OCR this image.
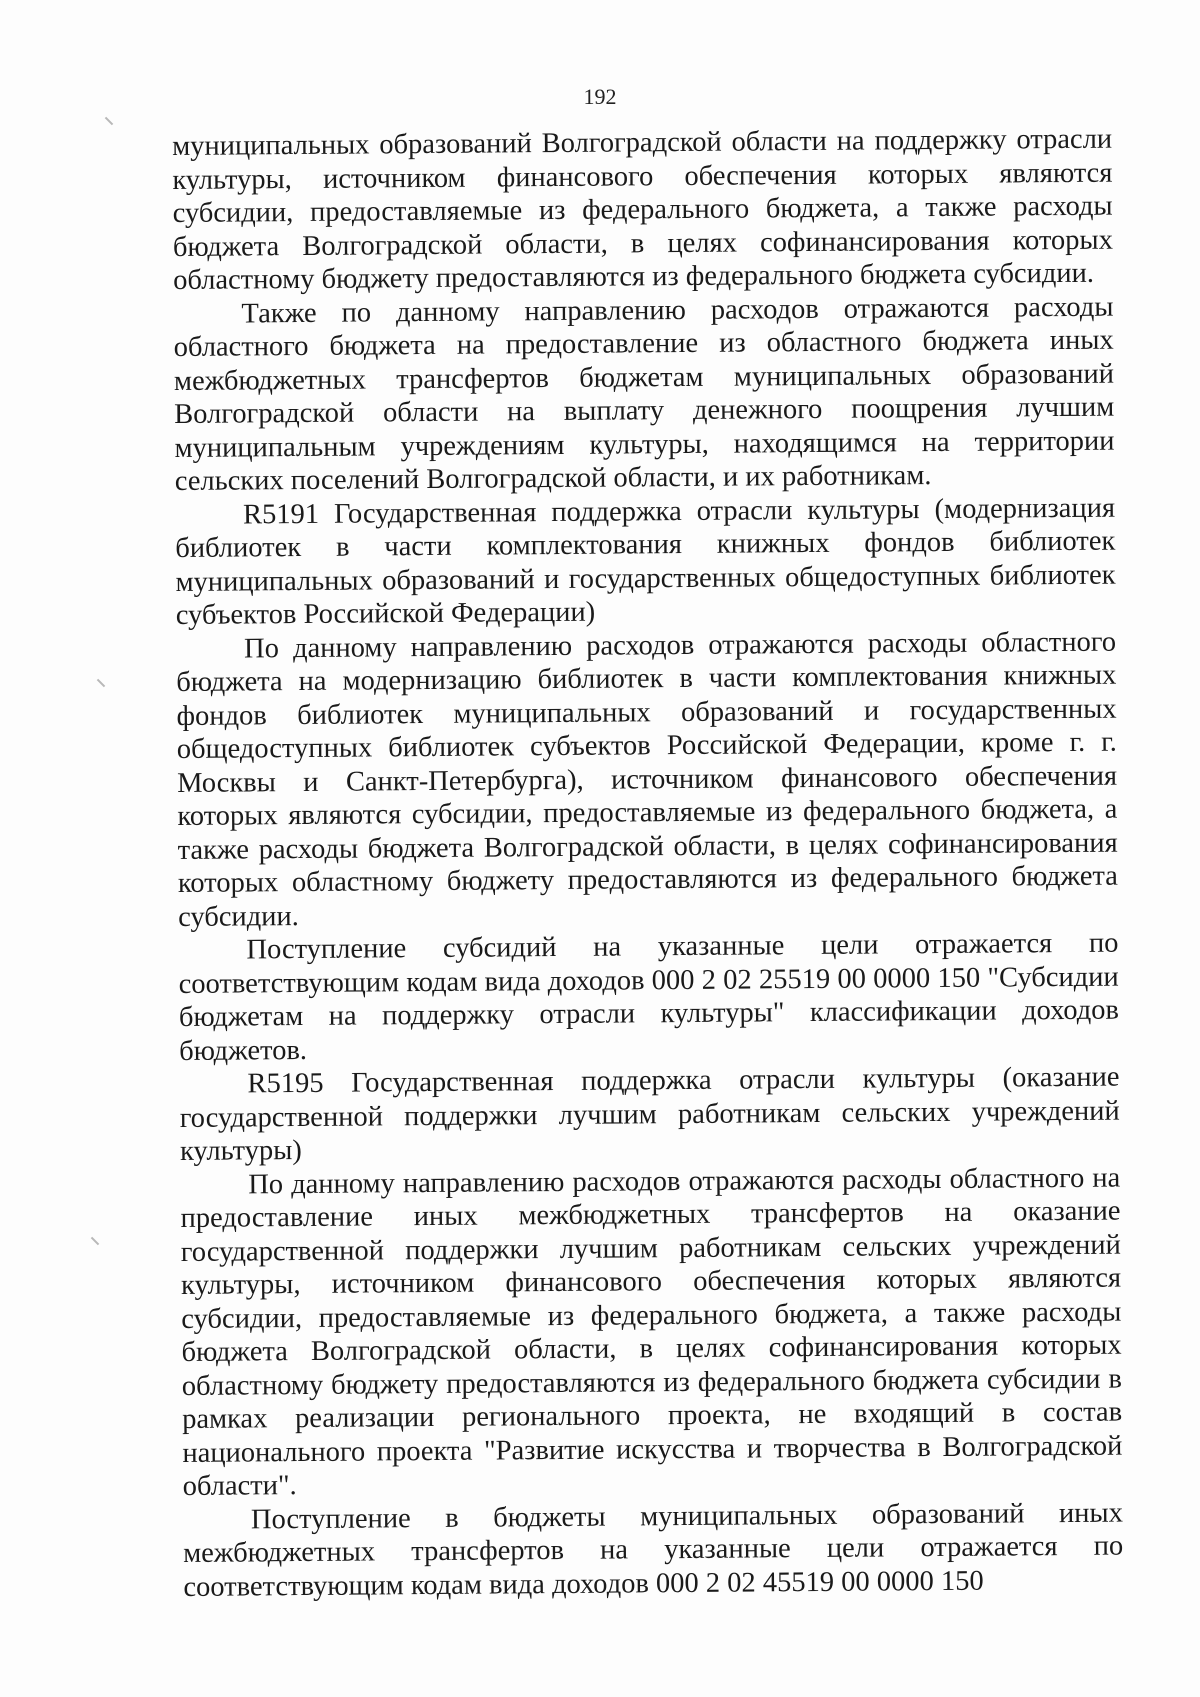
192

муниципальных образований Волгоградской области на поддержку отрасли культуры, источником финансового обеспечения которых являются субсидии, предоставляемые из федерального бюджета, а также расходы бюджета Волгоградской области, в целях софинансирования которых областному бюджету предоставляются из федерального бюджета субсидии.

Также по данному направлению расходов отражаются расходы областного бюджета на предоставление из областного бюджета иных межбюджетных трансфертов бюджетам муниципальных образований Волгоградской области на выплату денежного поощрения лучшим муниципальным учреждениям культуры, находящимся на территории сельских поселений Волгоградской области, и их работникам.

R5191 Государственная поддержка отрасли культуры (модернизация библиотек в части комплектования книжных фондов библиотек муниципальных образований и государственных общедоступных библиотек субъектов Российской Федерации)

По данному направлению расходов отражаются расходы областного бюджета на модернизацию библиотек в части комплектования книжных фондов библиотек муниципальных образований и государственных общедоступных библиотек субъектов Российской Федерации, кроме г. г. Москвы и Санкт-Петербурга), источником финансового обеспечения которых являются субсидии, предоставляемые из федерального бюджета, а также расходы бюджета Волгоградской области, в целях софинансирования которых областному бюджету предоставляются из федерального бюджета субсидии.

Поступление субсидий на указанные цели отражается по соответствующим кодам вида доходов 000 2 02 25519 00 0000 150 "Субсидии бюджетам на поддержку отрасли культуры" классификации доходов бюджетов.

R5195 Государственная поддержка отрасли культуры (оказание государственной поддержки лучшим работникам сельских учреждений культуры)

По данному направлению расходов отражаются расходы областного на предоставление иных межбюджетных трансфертов на оказание государственной поддержки лучшим работникам сельских учреждений культуры, источником финансового обеспечения которых являются субсидии, предоставляемые из федерального бюджета, а также расходы бюджета Волгоградской области, в целях софинансирования которых областному бюджету предоставляются из федерального бюджета субсидии в рамках реализации регионального проекта, не входящий в состав национального проекта "Развитие искусства и творчества в Волгоградской области".

Поступление в бюджеты муниципальных образований иных межбюджетных трансфертов на указанные цели отражается по соответствующим кодам вида доходов 000 2 02 45519 00 0000 150
